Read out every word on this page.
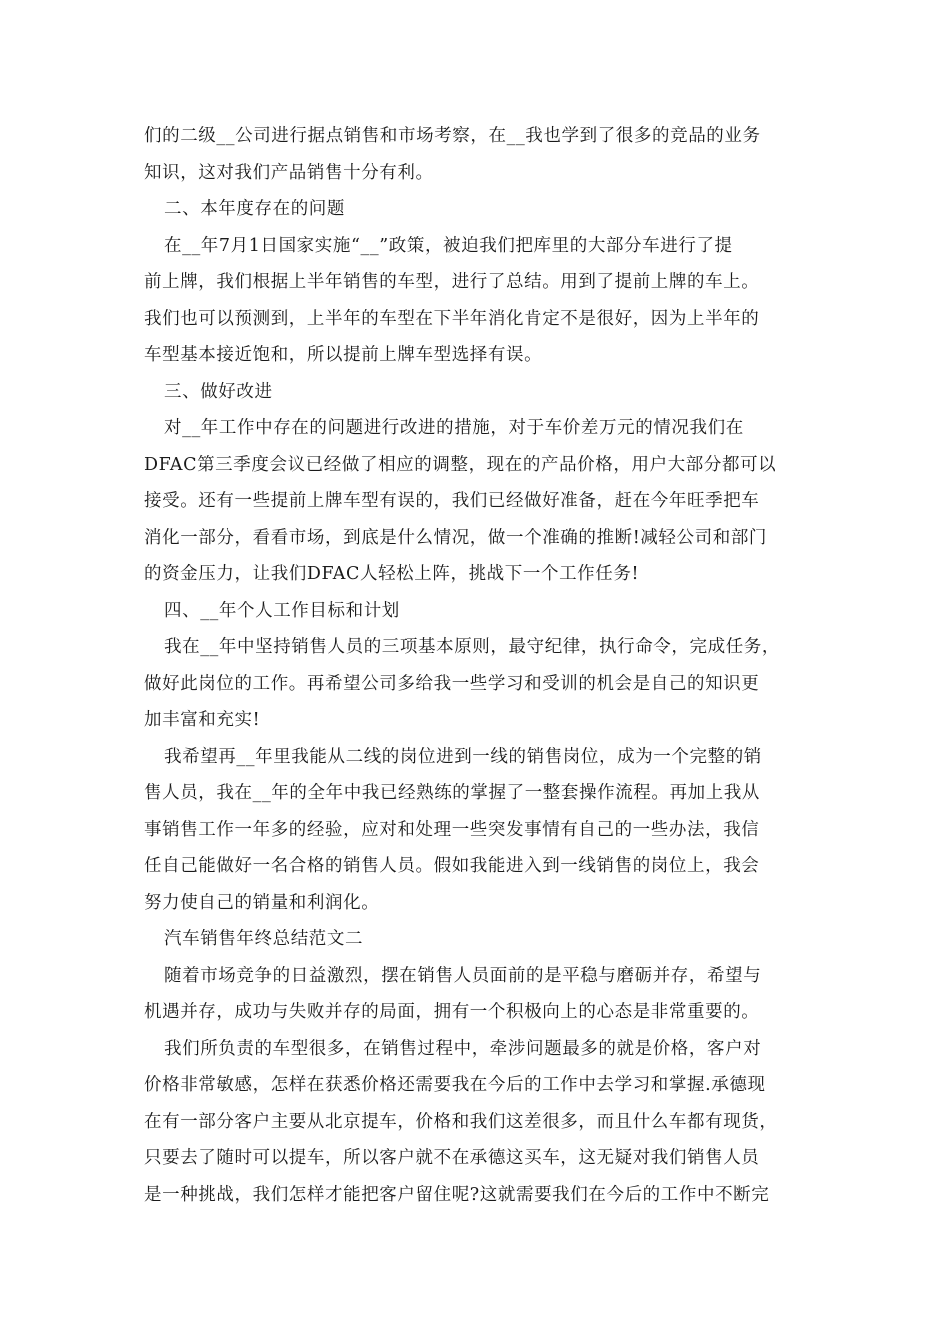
们的二级__公司进行据点销售和市场考察，在__我也学到了很多的竞品的业务
知识，这对我们产品销售十分有利。
二、本年度存在的问题
在__年7月1日国家实施“__”政策，被迫我们把库里的大部分车进行了提
前上牌，我们根据上半年销售的车型，进行了总结。用到了提前上牌的车上。
我们也可以预测到，上半年的车型在下半年消化肯定不是很好，因为上半年的
车型基本接近饱和，所以提前上牌车型选择有误。
三、做好改进
对__年工作中存在的问题进行改进的措施，对于车价差万元的情况我们在
DFAC第三季度会议已经做了相应的调整，现在的产品价格，用户大部分都可以
接受。还有一些提前上牌车型有误的，我们已经做好准备，赶在今年旺季把车
消化一部分，看看市场，到底是什么情况，做一个准确的推断!减轻公司和部门
的资金压力，让我们DFAC人轻松上阵，挑战下一个工作任务!
四、__年个人工作目标和计划
我在__年中坚持销售人员的三项基本原则，最守纪律，执行命令，完成任务，
做好此岗位的工作。再希望公司多给我一些学习和受训的机会是自己的知识更
加丰富和充实!
我希望再__年里我能从二线的岗位进到一线的销售岗位，成为一个完整的销
售人员，我在__年的全年中我已经熟练的掌握了一整套操作流程。再加上我从
事销售工作一年多的经验，应对和处理一些突发事情有自己的一些办法，我信
任自己能做好一名合格的销售人员。假如我能进入到一线销售的岗位上，我会
努力使自己的销量和利润化。
汽车销售年终总结范文二
随着市场竞争的日益激烈，摆在销售人员面前的是平稳与磨砺并存，希望与
机遇并存，成功与失败并存的局面，拥有一个积极向上的心态是非常重要的。
我们所负责的车型很多，在销售过程中，牵涉问题最多的就是价格，客户对
价格非常敏感，怎样在获悉价格还需要我在今后的工作中去学习和掌握.承德现
在有一部分客户主要从北京提车，价格和我们这差很多，而且什么车都有现货，
只要去了随时可以提车，所以客户就不在承德这买车，这无疑对我们销售人员
是一种挑战，我们怎样才能把客户留住呢?这就需要我们在今后的工作中不断完
